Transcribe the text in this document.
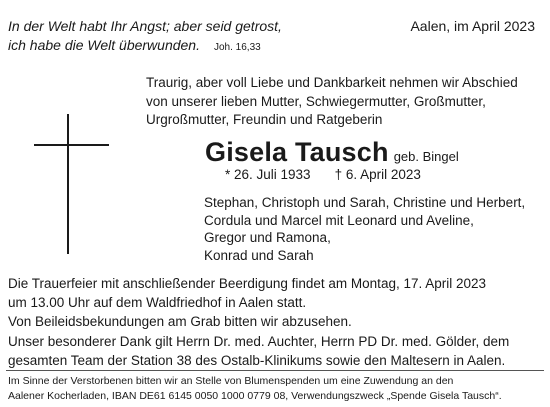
In der Welt habt Ihr Angst; aber seid getrost,
ich habe die Welt überwunden. Joh. 16,33
Aalen, im April 2023
Traurig, aber voll Liebe und Dankbarkeit nehmen wir Abschied
von unserer lieben Mutter, Schwiegermutter, Großmutter,
Urgroßmutter, Freundin und Ratgeberin
Gisela Tausch geb. Bingel
* 26. Juli 1933 † 6. April 2023
Stephan, Christoph und Sarah, Christine und Herbert,
Cordula und Marcel mit Leonard und Aveline,
Gregor und Ramona,
Konrad und Sarah
Die Trauerfeier mit anschließender Beerdigung findet am Montag, 17. April 2023
um 13.00 Uhr auf dem Waldfriedhof in Aalen statt.
Von Beileidsbekundungen am Grab bitten wir abzusehen.
Unser besonderer Dank gilt Herrn Dr. med. Auchter, Herrn PD Dr. med. Gölder, dem
gesamten Team der Station 38 des Ostalb-Klinikums sowie den Maltesern in Aalen.
Im Sinne der Verstorbenen bitten wir an Stelle von Blumenspenden um eine Zuwendung an den
Aalener Kocherladen, IBAN DE61 6145 0050 1000 0779 08, Verwendungszweck „Spende Gisela Tausch“.
